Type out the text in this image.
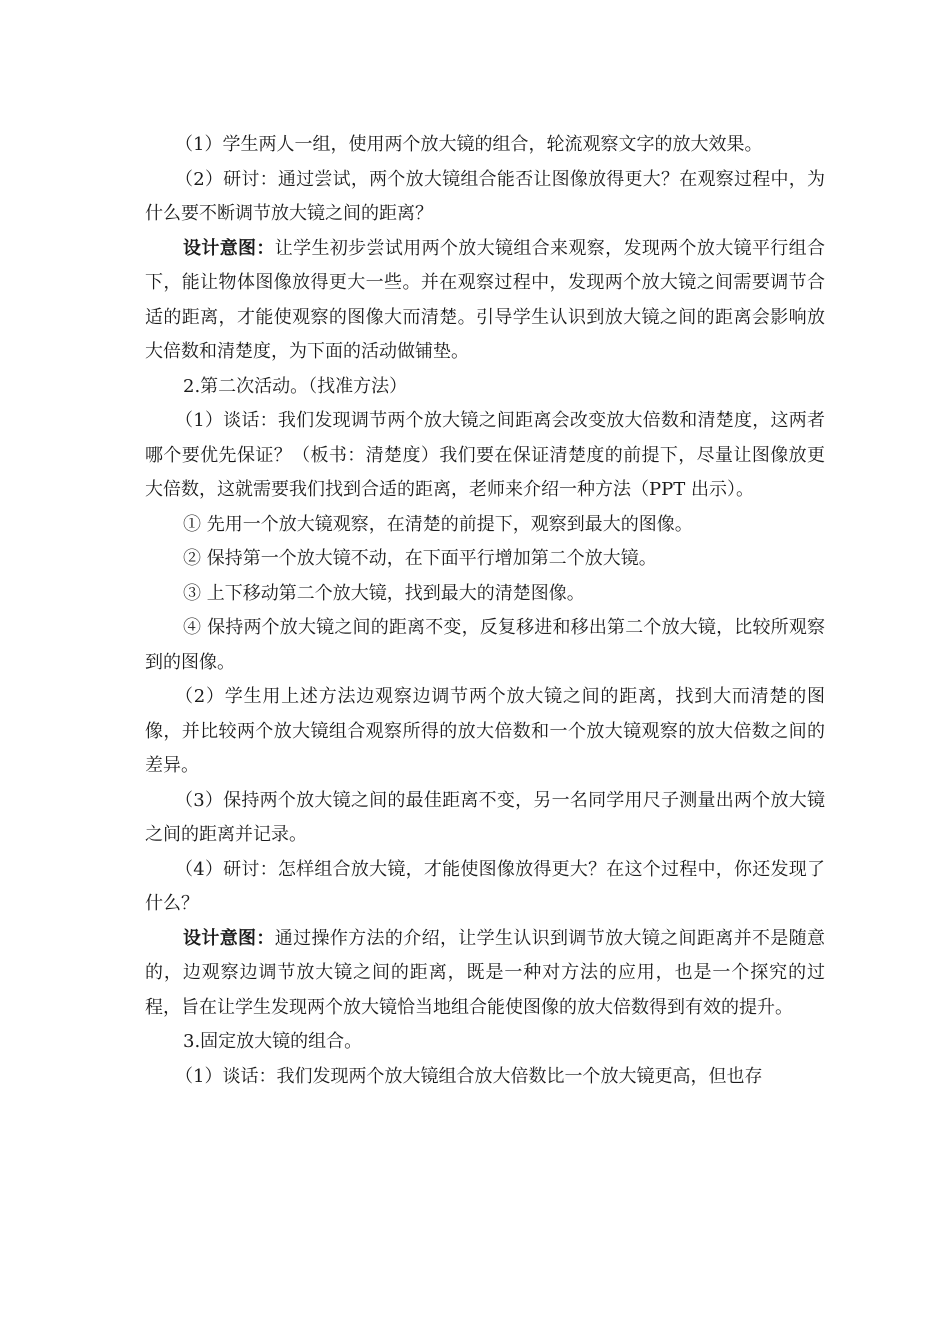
（1）学生两人一组，使用两个放大镜的组合，轮流观察文字的放大效果。

（2）研讨：通过尝试，两个放大镜组合能否让图像放得更大？在观察过程中，为什么要不断调节放大镜之间的距离？

设计意图：让学生初步尝试用两个放大镜组合来观察，发现两个放大镜平行组合下，能让物体图像放得更大一些。并在观察过程中，发现两个放大镜之间需要调节合适的距离，才能使观察的图像大而清楚。引导学生认识到放大镜之间的距离会影响放大倍数和清楚度，为下面的活动做铺垫。

2.第二次活动。（找准方法）

（1）谈话：我们发现调节两个放大镜之间距离会改变放大倍数和清楚度，这两者哪个要优先保证？（板书：清楚度）我们要在保证清楚度的前提下，尽量让图像放更大倍数，这就需要我们找到合适的距离，老师来介绍一种方法（PPT 出示）。

① 先用一个放大镜观察，在清楚的前提下，观察到最大的图像。

② 保持第一个放大镜不动，在下面平行增加第二个放大镜。

③ 上下移动第二个放大镜，找到最大的清楚图像。

④ 保持两个放大镜之间的距离不变，反复移进和移出第二个放大镜，比较所观察到的图像。

（2）学生用上述方法边观察边调节两个放大镜之间的距离，找到大而清楚的图像，并比较两个放大镜组合观察所得的放大倍数和一个放大镜观察的放大倍数之间的差异。

（3）保持两个放大镜之间的最佳距离不变，另一名同学用尺子测量出两个放大镜之间的距离并记录。

（4）研讨：怎样组合放大镜，才能使图像放得更大？在这个过程中，你还发现了什么？

设计意图：通过操作方法的介绍，让学生认识到调节放大镜之间距离并不是随意的，边观察边调节放大镜之间的距离，既是一种对方法的应用，也是一个探究的过程，旨在让学生发现两个放大镜恰当地组合能使图像的放大倍数得到有效的提升。

3.固定放大镜的组合。

（1）谈话：我们发现两个放大镜组合放大倍数比一个放大镜更高，但也存
